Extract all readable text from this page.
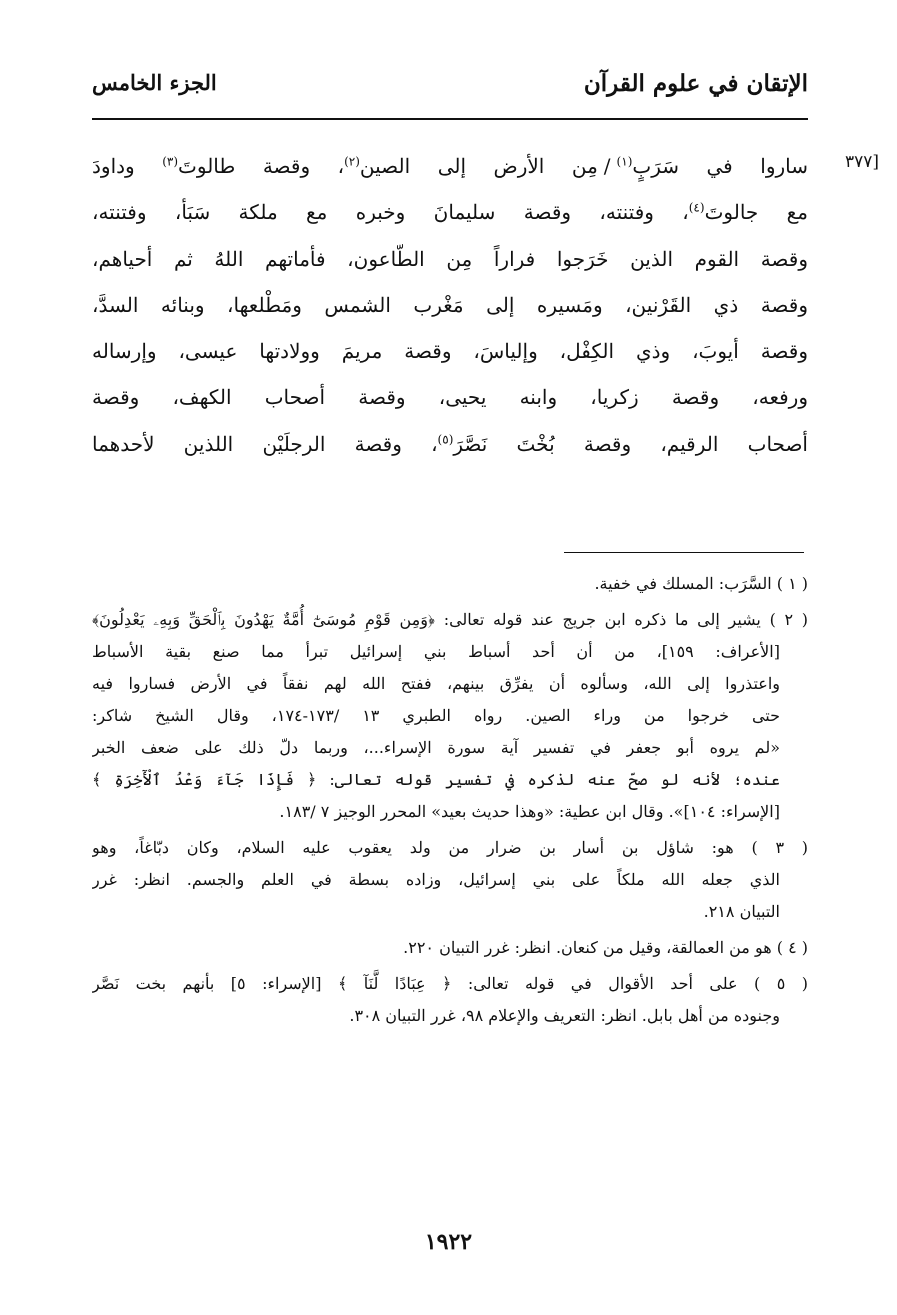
الإتقان في علوم القرآن
الجزء الخامس
[٣٧٧
ساروا في سَرَبٍ$^{(١)}$/مِن الأرض إلى الصين$^{(٢)}$، وقصة طالوتَ$^{(٣)}$ وداودَ
مع جالوتَ$^{(٤)}$، وفتنته، وقصة سليمانَ وخبره مع ملكة سَبَأ، وفتنته،
وقصة القوم الذين خَرَجوا فراراً مِن الطّاعون، فأماتهم اللهُ ثم أحياهم،
وقصة ذي القَرْنين، ومَسيره إلى مَغْرب الشمس ومَطْلعها، وبنائه السدَّ،
وقصة أيوبَ، وذي الكِفْل، وإلياسَ، وقصة مريمَ وولادتها عيسى، وإرساله
ورفعه، وقصة زكريا، وابنه يحيى، وقصة أصحاب الكهف، وقصة
أصحاب الرقيم، وقصة بُخْتَ نَصَّرَ$^{(٥)}$، وقصة الرجلَيْن اللذين لأحدهما
( ١ ) السَّرَب: المسلك في خفية.
( ٢ ) يشير إلى ما ذكره ابن جريج عند قوله تعالى: ﴿وَمِن قَوْمِ مُوسَىٰٓ أُمَّةٌ يَهْدُونَ بِٱلْحَقِّ وَبِهِۦ يَعْدِلُونَ﴾
[الأعراف: ١٥٩]، من أن أحد أسباط بني إسرائيل تبرأ مما صنع بقية الأسباط
واعتذروا إلى الله، وسألوه أن يفرِّق بينهم، ففتح الله لهم نفقاً في الأرض فساروا فيه
حتى خرجوا من وراء الصين. رواه الطبري ١٣ /١٧٣-١٧٤، وقال الشيخ شاكر:
«لم يروه أبو جعفر في تفسير آية سورة الإسراء...، وربما دلّ ذلك على ضعف الخبر
عنده؛ لأنه لو صحّ عنه لذكره في تفسير قوله تعالى: ﴿ فَإِذَا جَآءَ وَعْدُ ٱلْأٓخِرَةِ ﴾
[الإسراء: ١٠٤]». وقال ابن عطية: «وهذا حديث بعيد» المحرر الوجيز ٧ /١٨٣.
( ٣ ) هو: شاؤل بن أسار بن ضرار من ولد يعقوب عليه السلام، وكان دبّاغاً، وهو
الذي جعله الله ملكاً على بني إسرائيل، وزاده بسطة في العلم والجسم. انظر: غرر
التبيان ٢١٨.
( ٤ ) هو من العمالقة، وقيل من كنعان. انظر: غرر التبيان ٢٢٠.
( ٥ ) على أحد الأقوال في قوله تعالى: ﴿ عِبَادًا لَّنَآ ﴾ [الإسراء: ٥] بأنهم بخت نَصَّر
وجنوده من أهل بابل. انظر: التعريف والإعلام ٩٨، غرر التبيان ٣٠٨.
١٩٢٢
